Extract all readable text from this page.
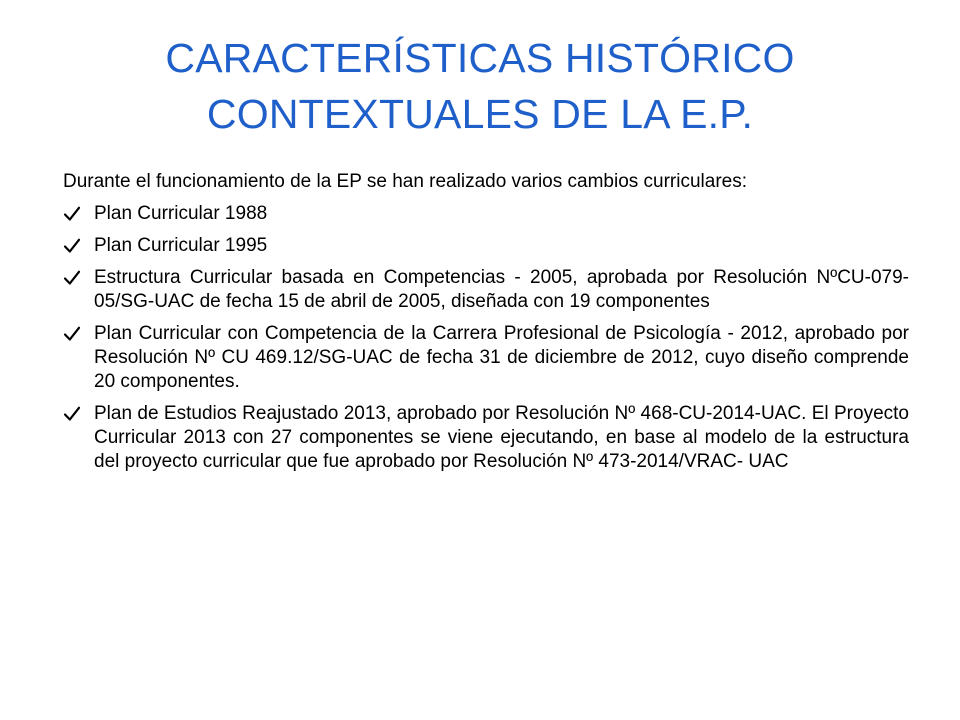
CARACTERÍSTICAS HISTÓRICO
CONTEXTUALES DE LA E.P.

Durante el funcionamiento de la EP se han realizado varios cambios curriculares:

Plan Curricular 1988
Plan Curricular 1995
Estructura Curricular basada en Competencias - 2005, aprobada por Resolución NºCU-079-05/SG-UAC de fecha 15 de abril de 2005, diseñada con 19 componentes
Plan Curricular con Competencia de la Carrera Profesional de Psicología - 2012, aprobado por Resolución Nº CU 469.12/SG-UAC de fecha 31 de diciembre de 2012, cuyo diseño comprende 20 componentes.
Plan de Estudios Reajustado 2013, aprobado por Resolución Nº 468-CU-2014-UAC. El Proyecto Curricular 2013 con 27 componentes se viene ejecutando, en base al modelo de la estructura del proyecto curricular que fue aprobado por Resolución Nº 473-2014/VRAC- UAC
